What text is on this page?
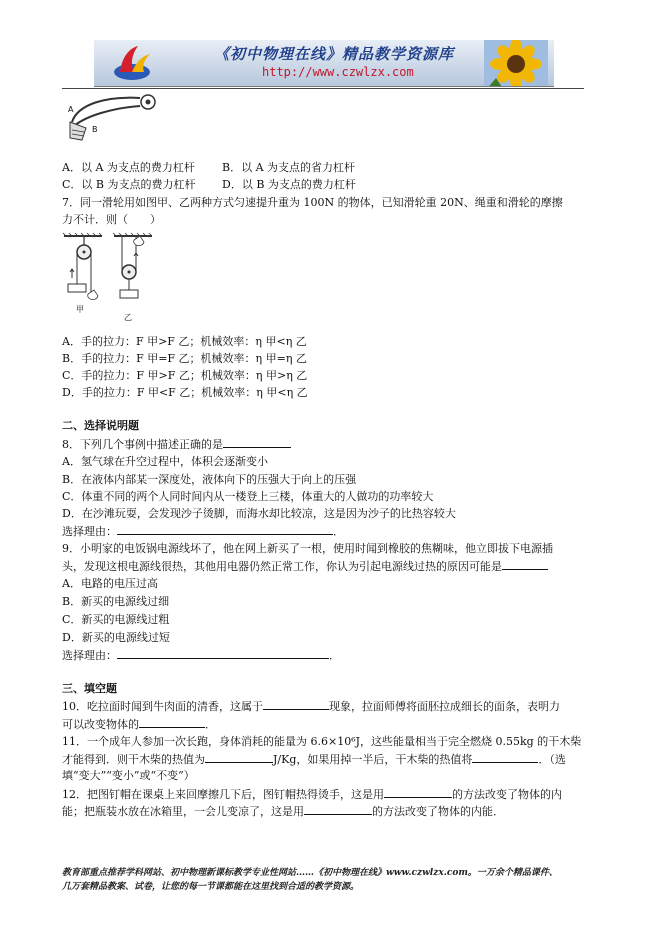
《初中物理在线》精品教学资源库
http://www.czwlzx.com
A
B
A．以 A 为支点的费力杠杆 B．以 A 为支点的省力杠杆
C．以 B 为支点的费力杠杆 D．以 B 为支点的费力杠杆
7．同一滑轮用如图甲、乙两种方式匀速提升重为 100N 的物体，已知滑轮重 20N、绳重和滑轮的摩擦
力不计．则（　　）
甲
乙
A．手的拉力：F 甲>F 乙；机械效率：η 甲<η 乙
B．手的拉力：F 甲=F 乙；机械效率：η 甲=η 乙
C．手的拉力：F 甲>F 乙；机械效率：η 甲>η 乙
D．手的拉力：F 甲<F 乙；机械效率：η 甲<η 乙
二、选择说明题
8．下列几个事例中描述正确的是
A．氢气球在升空过程中，体积会逐渐变小
B．在液体内部某一深度处，液体向下的压强大于向上的压强
C．体重不同的两个人同时间内从一楼登上三楼，体重大的人做功的功率较大
D．在沙滩玩耍，会发现沙子烫脚，而海水却比较凉，这是因为沙子的比热容较大
选择理由：	．
9．小明家的电饭锅电源线坏了，他在网上新买了一根，使用时闻到橡胶的焦糊味，他立即拔下电源插
头，发现这根电源线很热，其他用电器仍然正常工作，你认为引起电源线过热的原因可能是
A．电路的电压过高
B．新买的电源线过细
C．新买的电源线过粗
D．新买的电源线过短
选择理由：	．
三、填空题
10．吃拉面时闻到牛肉面的清香，这属于	现象，拉面师傅将面胚拉成细长的面条，表明力
可以改变物体的	．
11．一个成年人参加一次长跑，身体消耗的能量为 6.6×10⁶J，这些能量相当于完全燃烧 0.55kg 的干木柴
才能得到．则干木柴的热值为	J/Kg，如果用掉一半后，干木柴的热值将	．（选
填“变大”“变小”或“不变”）
12．把图钉帽在课桌上来回摩擦几下后，图钉帽热得烫手，这是用	的方法改变了物体的内
能；把瓶装水放在冰箱里，一会儿变凉了，这是用	的方法改变了物体的内能．
教育部重点推荐学科网站、初中物理新课标教学专业性网站……《初中物理在线》www.czwlzx.com。一万余个精品课件、
几万套精品教案、试卷，让您的每一节课都能在这里找到合适的教学资源。
